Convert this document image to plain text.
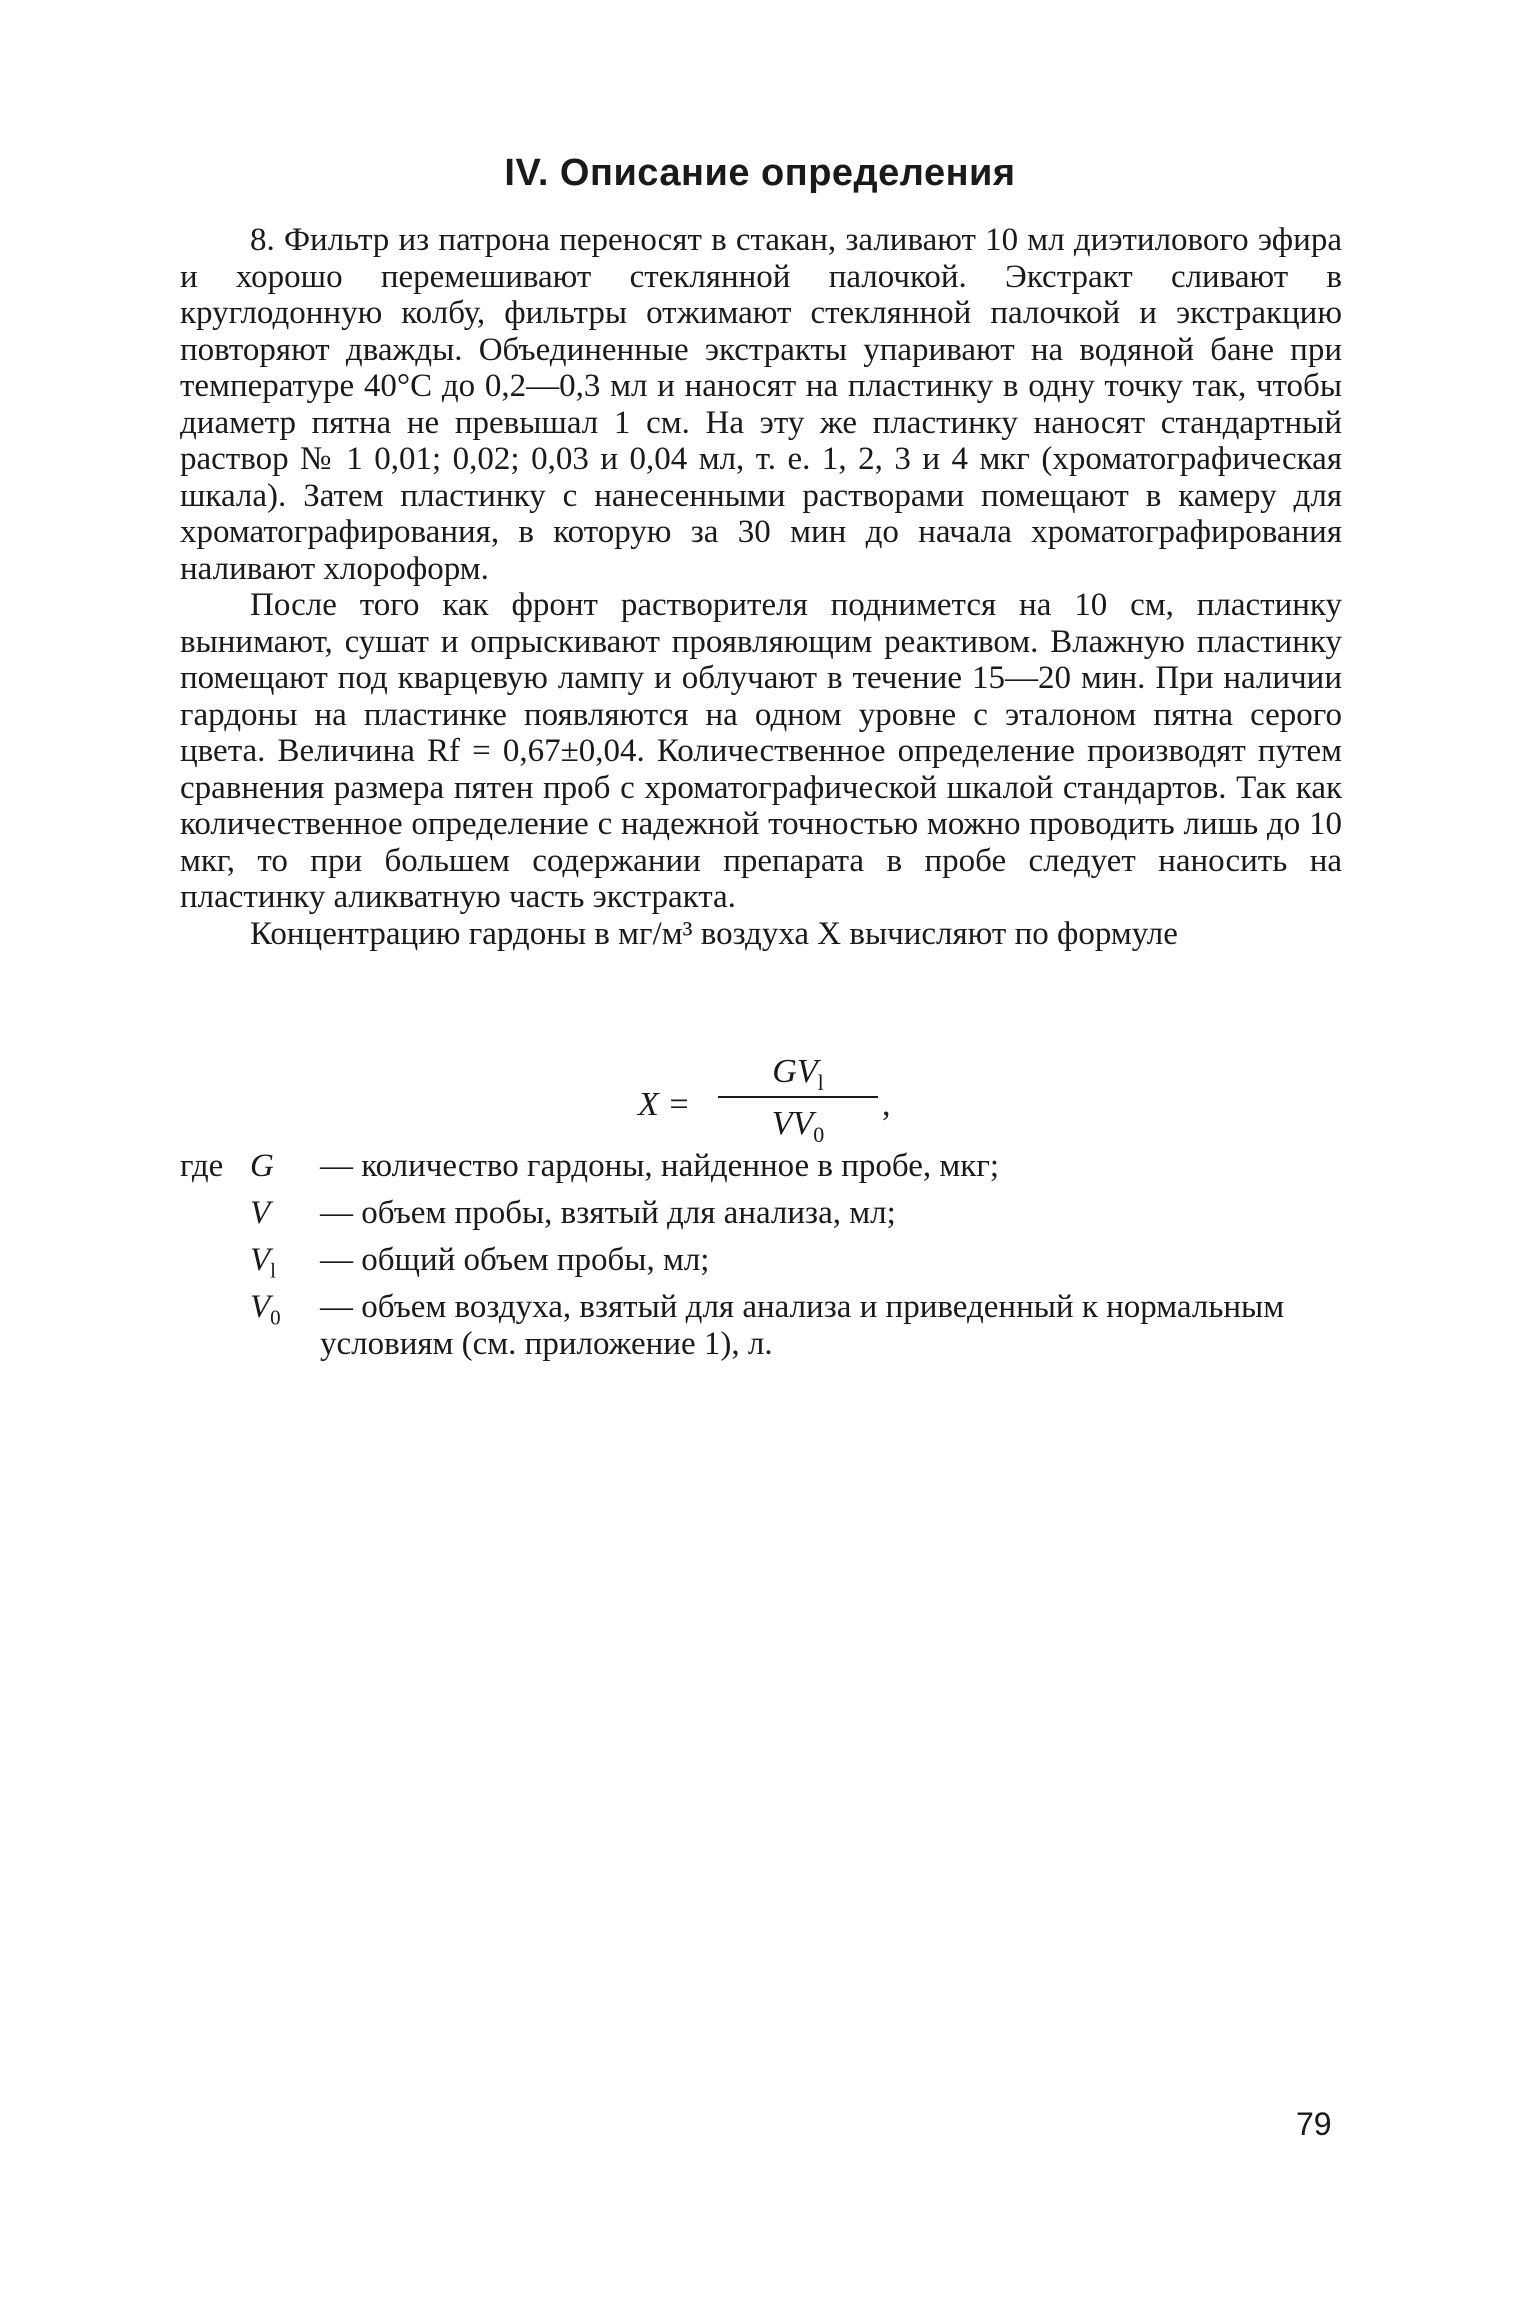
IV. Описание определения

8. Фильтр из патрона переносят в стакан, заливают 10 мл диэтилового эфира и хорошо перемешивают стеклянной палочкой. Экстракт сливают в круглодонную колбу, фильтры отжимают стеклянной палочкой и экстракцию повторяют дважды. Объединенные экстракты упаривают на водяной бане при температуре 40°С до 0,2—0,3 мл и наносят на пластинку в одну точку так, чтобы диаметр пятна не превышал 1 см. На эту же пластинку наносят стандартный раствор № 1 0,01; 0,02; 0,03 и 0,04 мл, т. е. 1, 2, 3 и 4 мкг (хроматографическая шкала). Затем пластинку с нанесенными растворами помещают в камеру для хроматографирования, в которую за 30 мин до начала хроматографирования наливают хлороформ.

После того как фронт растворителя поднимется на 10 см, пластинку вынимают, сушат и опрыскивают проявляющим реактивом. Влажную пластинку помещают под кварцевую лампу и облучают в течение 15—20 мин. При наличии гардоны на пластинке появляются на одном уровне с эталоном пятна серого цвета. Величина Rf = 0,67±0,04. Количественное определение производят путем сравнения размера пятен проб с хроматографической шкалой стандартов. Так как количественное определение с надежной точностью можно проводить лишь до 10 мкг, то при большем содержании препарата в пробе следует наносить на пластинку аликватную часть экстракта.

Концентрацию гардоны в мг/м³ воздуха X вычисляют по формуле

X =
$GV_l$
$VV_0$
,
где G	— количество гардоны, найденное в пробе, мкг;
V	— объем пробы, взятый для анализа, мл;
$V_l$	— общий объем пробы, мл;
$V_0$	— объем воздуха, взятый для анализа и приведенный к нормальным условиям (см. приложение 1), л.
79
